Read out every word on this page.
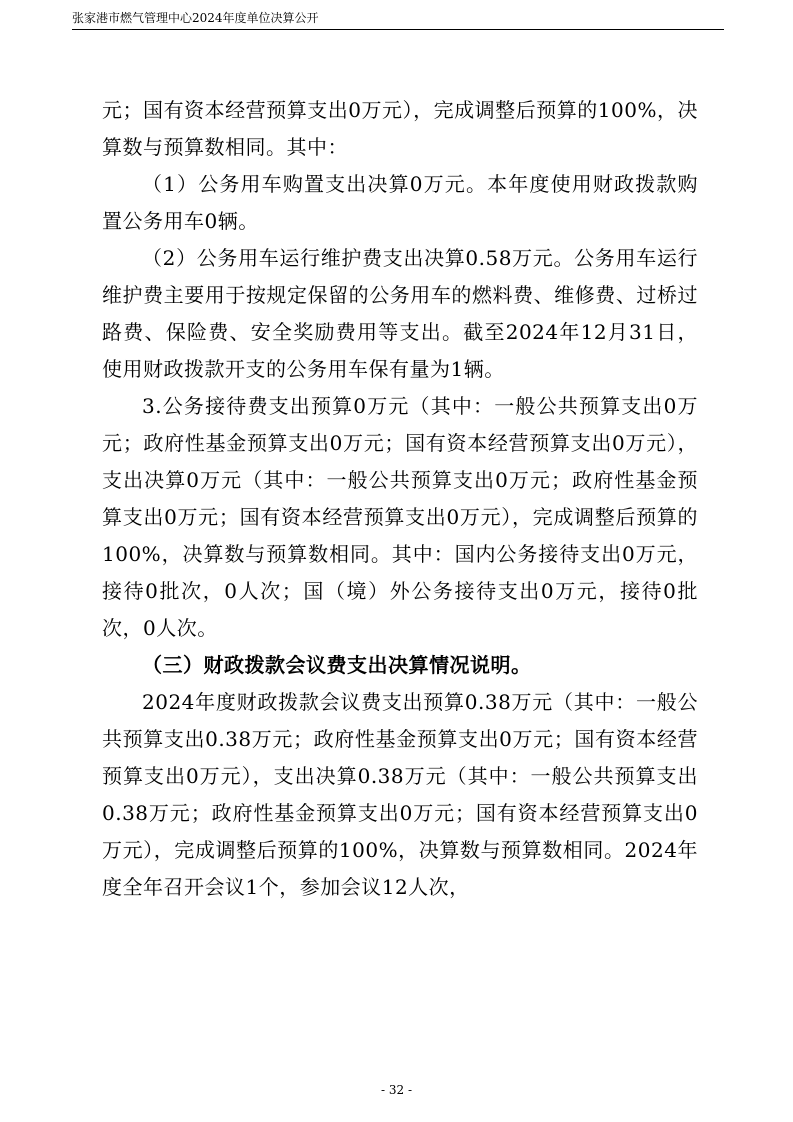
张家港市燃气管理中心2024年度单位决算公开

元；国有资本经营预算支出0万元），完成调整后预算的100%，决算数与预算数相同。其中：

（1）公务用车购置支出决算0万元。本年度使用财政拨款购置公务用车0辆。

（2）公务用车运行维护费支出决算0.58万元。公务用车运行维护费主要用于按规定保留的公务用车的燃料费、维修费、过桥过路费、保险费、安全奖励费用等支出。截至2024年12月31日，使用财政拨款开支的公务用车保有量为1辆。

3.公务接待费支出预算0万元（其中：一般公共预算支出0万元；政府性基金预算支出0万元；国有资本经营预算支出0万元），支出决算0万元（其中：一般公共预算支出0万元；政府性基金预算支出0万元；国有资本经营预算支出0万元），完成调整后预算的100%，决算数与预算数相同。其中：国内公务接待支出0万元，接待0批次，0人次；国（境）外公务接待支出0万元，接待0批次，0人次。

（三）财政拨款会议费支出决算情况说明。

2024年度财政拨款会议费支出预算0.38万元（其中：一般公共预算支出0.38万元；政府性基金预算支出0万元；国有资本经营预算支出0万元），支出决算0.38万元（其中：一般公共预算支出0.38万元；政府性基金预算支出0万元；国有资本经营预算支出0万元），完成调整后预算的100%，决算数与预算数相同。2024年度全年召开会议1个，参加会议12人次，

- 32 -
